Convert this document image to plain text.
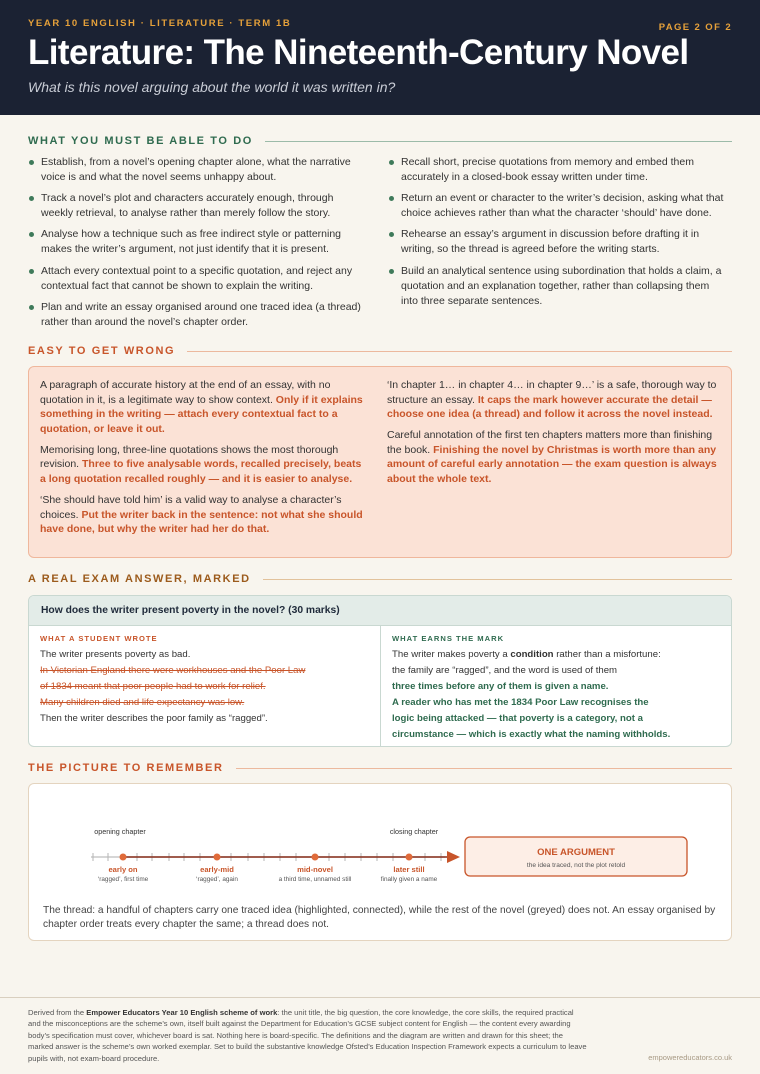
YEAR 10 ENGLISH · LITERATURE · TERM 1B	PAGE 2 OF 2
Literature: The Nineteenth-Century Novel
What is this novel arguing about the world it was written in?
WHAT YOU MUST BE ABLE TO DO
Establish, from a novel’s opening chapter alone, what the narrative voice is and what the novel seems unhappy about.
Track a novel’s plot and characters accurately enough, through weekly retrieval, to analyse rather than merely follow the story.
Analyse how a technique such as free indirect style or patterning makes the writer’s argument, not just identify that it is present.
Attach every contextual point to a specific quotation, and reject any contextual fact that cannot be shown to explain the writing.
Plan and write an essay organised around one traced idea (a thread) rather than around the novel’s chapter order.
Recall short, precise quotations from memory and embed them accurately in a closed-book essay written under time.
Return an event or character to the writer’s decision, asking what that choice achieves rather than what the character ‘should’ have done.
Rehearse an essay’s argument in discussion before drafting it in writing, so the thread is agreed before the writing starts.
Build an analytical sentence using subordination that holds a claim, a quotation and an explanation together, rather than collapsing them into three separate sentences.
EASY TO GET WRONG

A paragraph of accurate history at the end of an essay, with no quotation in it, is a legitimate way to show context. Only if it explains something in the writing — attach every contextual fact to a quotation, or leave it out.

Memorising long, three-line quotations shows the most thorough revision. Three to five analysable words, recalled precisely, beats a long quotation recalled roughly — and it is easier to analyse.

‘She should have told him’ is a valid way to analyse a character’s choices. Put the writer back in the sentence: not what she should have done, but why the writer had her do that.

‘In chapter 1… in chapter 4… in chapter 9…’ is a safe, thorough way to structure an essay. It caps the mark however accurate the detail — choose one idea (a thread) and follow it across the novel instead.

Careful annotation of the first ten chapters matters more than finishing the book. Finishing the novel by Christmas is worth more than any amount of careful early annotation — the exam question is always about the whole text.

A REAL EXAM ANSWER, MARKED
How does the writer present poverty in the novel? (30 marks)
WHAT A STUDENT WROTE
The writer presents poverty as bad.
In Victorian England there were workhouses and the Poor Law
of 1834 meant that poor people had to work for relief.
Many children died and life expectancy was low.
Then the writer describes the poor family as “ragged”.
WHAT EARNS THE MARK
The writer makes poverty a condition rather than a misfortune:
the family are “ragged”, and the word is used of them
three times before any of them is given a name.
A reader who has met the 1834 Poor Law recognises the
logic being attacked — that poverty is a category, not a
circumstance — which is exactly what the naming withholds.
THE PICTURE TO REMEMBER
opening chapter	closing chapter
early on
‘ragged’, first time
early-mid
‘ragged’, again
mid-novel
a third time, unnamed still
later still
finally given a name
ONE ARGUMENT
the idea traced, not the plot retold
The thread: a handful of chapters carry one traced idea (highlighted, connected), while the rest of the novel (greyed) does not. An essay organised by chapter order treats every chapter the same; a thread does not.
Derived from the Empower Educators Year 10 English scheme of work: the unit title, the big question, the core knowledge, the core skills, the required practical and the misconceptions are the scheme’s own, itself built against the Department for Education’s GCSE subject content for English — the content every awarding body’s specification must cover, whichever board is sat. Nothing here is board-specific. The definitions and the diagram are written and drawn for this sheet; the marked answer is the scheme’s own worked exemplar. Set to build the substantive knowledge Ofsted’s Education Inspection Framework expects a curriculum to leave pupils with, not exam-board procedure.	empowereducators.co.uk
